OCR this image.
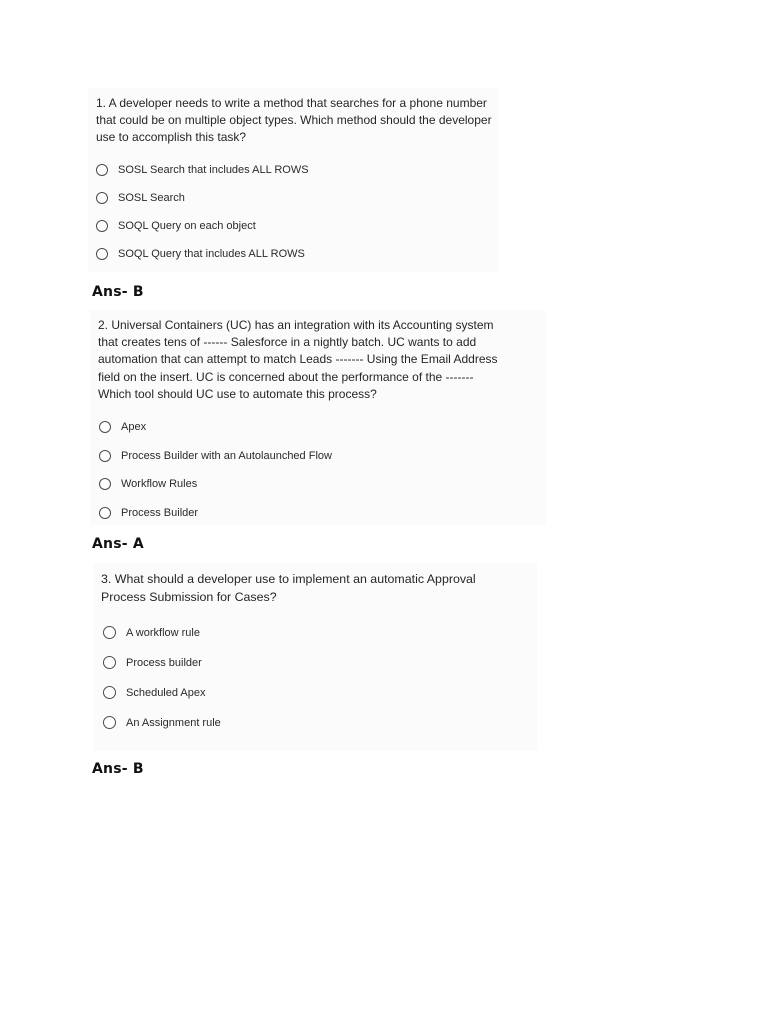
1. A developer needs to write a method that searches for a phone number
that could be on multiple object types. Which method should the developer
use to accomplish this task?

SOSL Search that includes ALL ROWS
SOSL Search
SOQL Query on each object
SOQL Query that includes ALL ROWS
Ans- B

2. Universal Containers (UC) has an integration with its Accounting system
that creates tens of ------ Salesforce in a nightly batch. UC wants to add
automation that can attempt to match Leads ------- Using the Email Address
field on the insert. UC is concerned about the performance of the -------
Which tool should UC use to automate this process?

Apex
Process Builder with an Autolaunched Flow
Workflow Rules
Process Builder
Ans- A

3. What should a developer use to implement an automatic Approval
Process Submission for Cases?

A workflow rule
Process builder
Scheduled Apex
An Assignment rule
Ans- B
